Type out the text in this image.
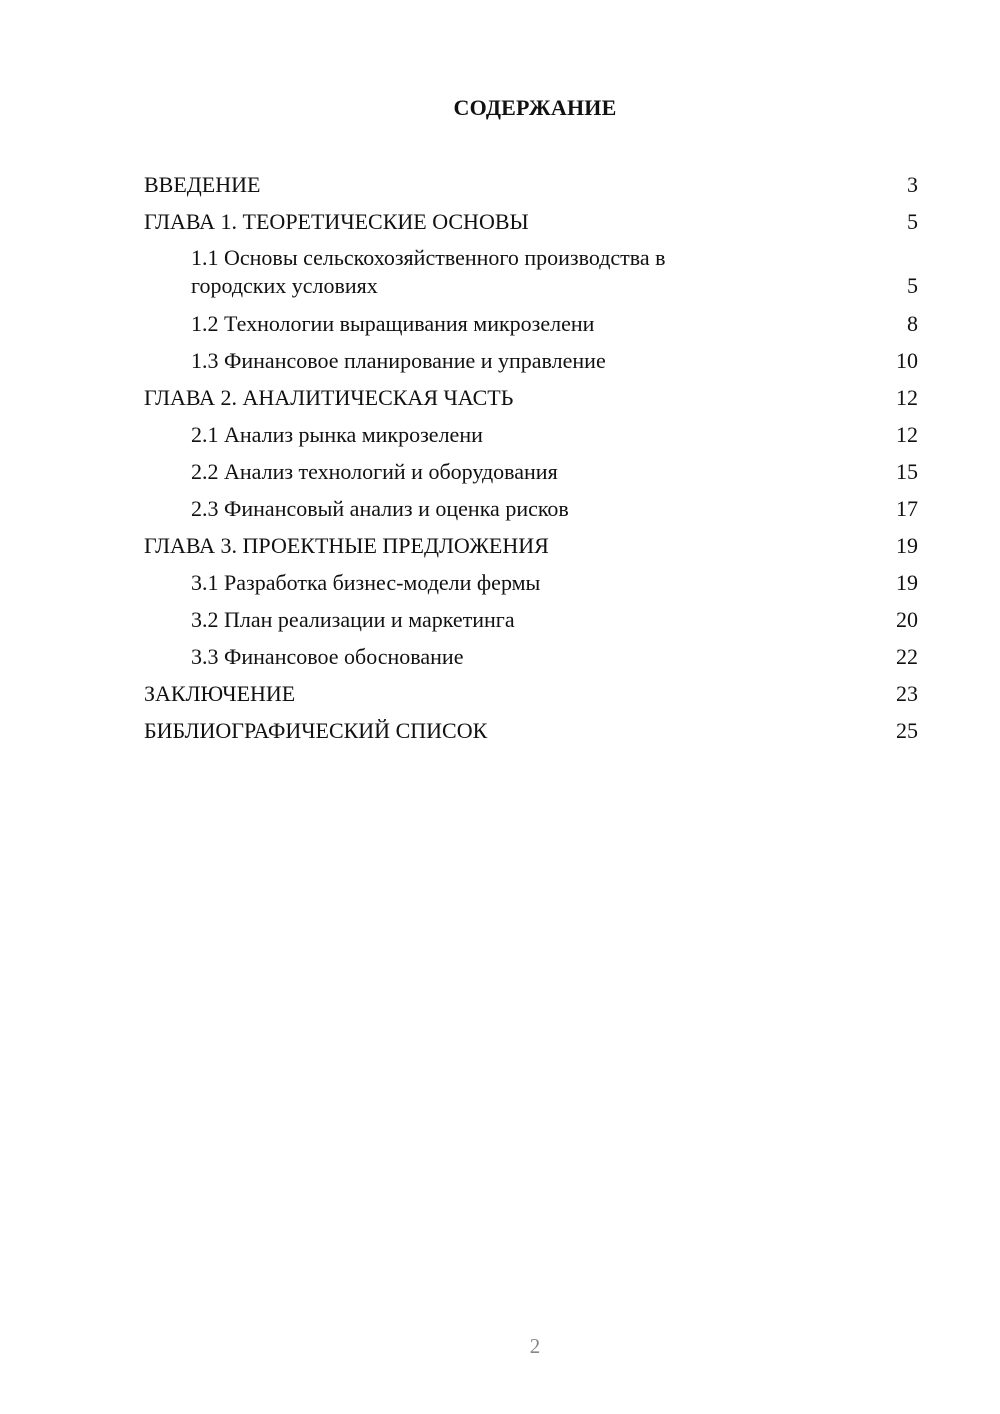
СОДЕРЖАНИЕ
ВВЕДЕНИЕ	3
ГЛАВА 1. ТЕОРЕТИЧЕСКИЕ ОСНОВЫ	5
1.1 Основы сельскохозяйственного производства в городских условиях	5
1.2 Технологии выращивания микрозелени	8
1.3 Финансовое планирование и управление	10
ГЛАВА 2. АНАЛИТИЧЕСКАЯ ЧАСТЬ	12
2.1 Анализ рынка микрозелени	12
2.2 Анализ технологий и оборудования	15
2.3 Финансовый анализ и оценка рисков	17
ГЛАВА 3. ПРОЕКТНЫЕ ПРЕДЛОЖЕНИЯ	19
3.1 Разработка бизнес-модели фермы	19
3.2 План реализации и маркетинга	20
3.3 Финансовое обоснование	22
ЗАКЛЮЧЕНИЕ	23
БИБЛИОГРАФИЧЕСКИЙ СПИСОК	25
2
